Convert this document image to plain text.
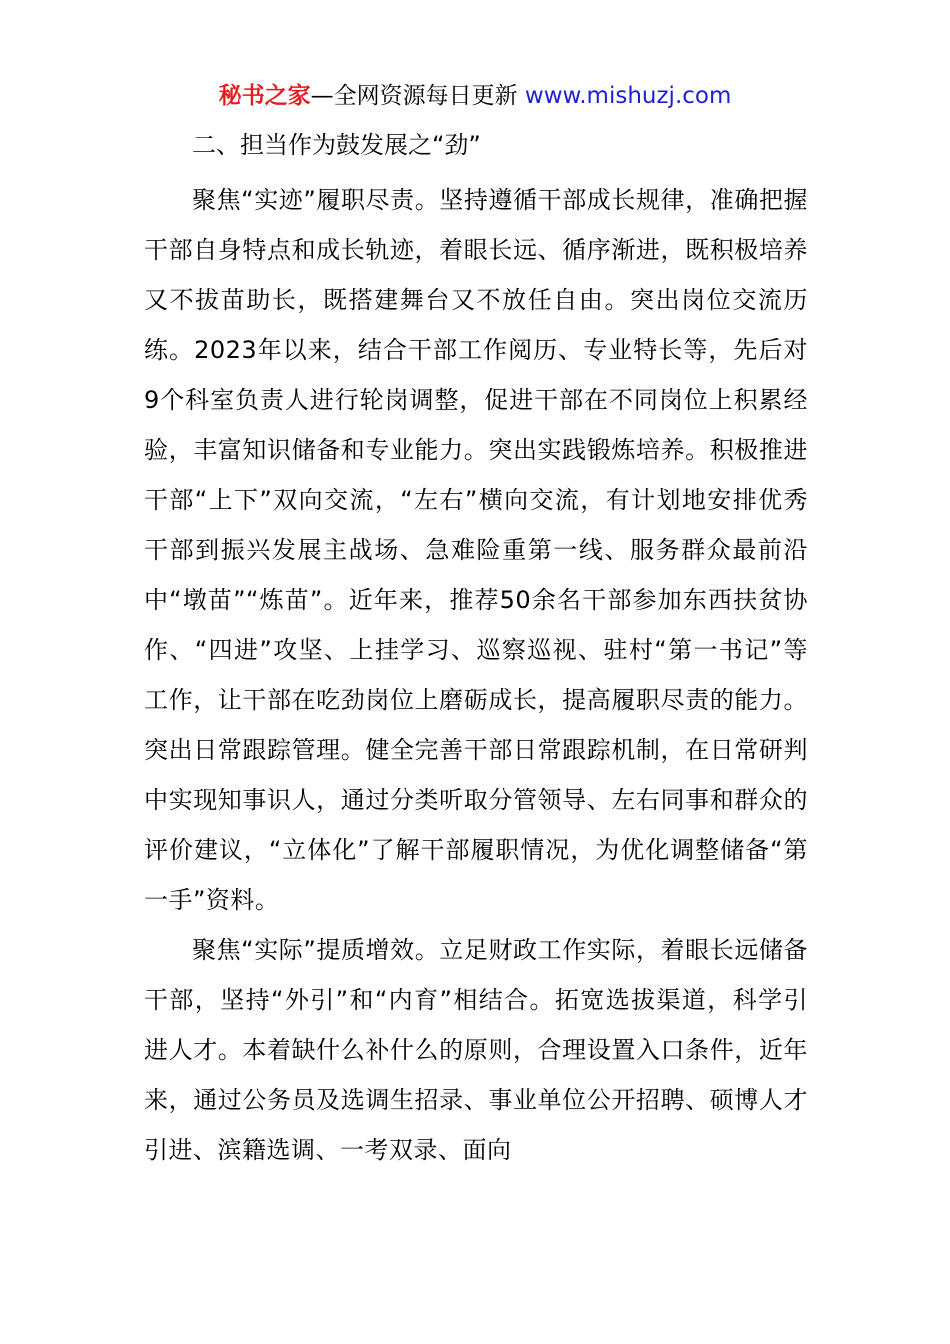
秘书之家—全网资源每日更新 www.mishuzj.com

二、担当作为鼓发展之“劲”

聚焦“实迹”履职尽责。坚持遵循干部成长规律，准确把握干部自身特点和成长轨迹，着眼长远、循序渐进，既积极培养又不拔苗助长，既搭建舞台又不放任自由。突出岗位交流历练。2023年以来，结合干部工作阅历、专业特长等，先后对9个科室负责人进行轮岗调整，促进干部在不同岗位上积累经验，丰富知识储备和专业能力。突出实践锻炼培养。积极推进干部“上下”双向交流，“左右”横向交流，有计划地安排优秀干部到振兴发展主战场、急难险重第一线、服务群众最前沿中“墩苗”“炼苗”。近年来，推荐50余名干部参加东西扶贫协作、“四进”攻坚、上挂学习、巡察巡视、驻村“第一书记”等工作，让干部在吃劲岗位上磨砺成长，提高履职尽责的能力。突出日常跟踪管理。健全完善干部日常跟踪机制，在日常研判中实现知事识人，通过分类听取分管领导、左右同事和群众的评价建议，“立体化”了解干部履职情况，为优化调整储备“第一手”资料。

聚焦“实际”提质增效。立足财政工作实际，着眼长远储备干部，坚持“外引”和“内育”相结合。拓宽选拔渠道，科学引进人才。本着缺什么补什么的原则，合理设置入口条件，近年来，通过公务员及选调生招录、事业单位公开招聘、硕博人才引进、滨籍选调、一考双录、面向
